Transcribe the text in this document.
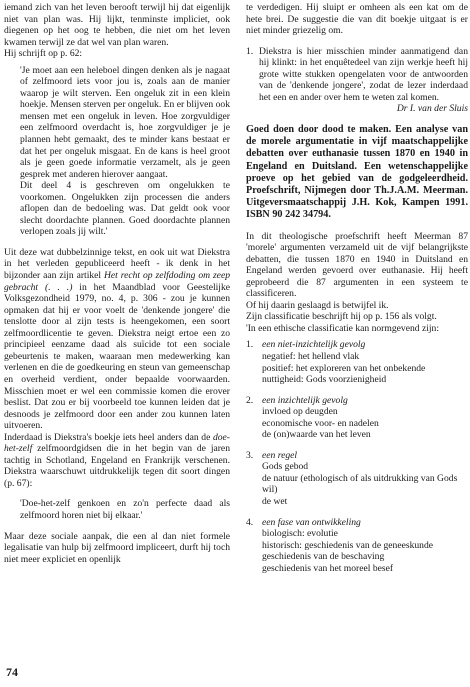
iemand zich van het leven berooft terwijl hij dat eigenlijk niet van plan was. Hij lijkt, tenminste impliciet, ook diegenen op het oog te hebben, die niet om het leven kwamen terwijl ze dat wel van plan waren.

Hij schrijft op p. 62:

'Je moet aan een heleboel dingen denken als je nagaat of zelfmoord iets voor jou is, zoals aan de manier waarop je wilt sterven. Een ongeluk zit in een klein hoekje. Mensen sterven per ongeluk. En er blijven ook mensen met een ongeluk in leven. Hoe zorgvuldiger een zelfmoord overdacht is, hoe zorgvuldiger je je plannen hebt gemaakt, des te minder kans bestaat er dat het per ongeluk misgaat. En de kans is heel groot als je geen goede informatie verzamelt, als je geen gesprek met anderen hierover aangaat.

Dit deel 4 is geschreven om ongelukken te voorkomen. Ongelukken zijn processen die anders aflopen dan de bedoeling was. Dat geldt ook voor slecht doordachte plannen. Goed doordachte plannen verlopen zoals jij wilt.'

Uit deze wat dubbelzinnige tekst, en ook uit wat Diekstra in het verleden gepubliceerd heeft - ik denk in het bijzonder aan zijn artikel Het recht op zelfdoding om zeep gebracht (. . .) in het Maandblad voor Geestelijke Volksgezondheid 1979, no. 4, p. 306 - zou je kunnen opmaken dat hij er voor voelt de 'denkende jongere' die tenslotte door al zijn tests is heengekomen, een soort zelfmoordlicentie te geven. Diekstra neigt ertoe een zo principieel eenzame daad als suïcide tot een sociale gebeurtenis te maken, waaraan men medewerking kan verlenen en die de goedkeuring en steun van gemeenschap en overheid verdient, onder bepaalde voorwaarden. Misschien moet er wel een commissie komen die erover beslist. Dat zou er bij voorbeeld toe kunnen leiden dat je desnoods je zelfmoord door een ander zou kunnen laten uitvoeren.

Inderdaad is Diekstra's boekje iets heel anders dan de doe-het-zelf zelfmoordgidsen die in het begin van de jaren tachtig in Schotland, Engeland en Frankrijk verschenen. Diekstra waarschuwt uitdrukkelijk tegen dit soort dingen (p. 67):

'Doe-het-zelf genkoen en zo'n perfecte daad als zelfmoord horen niet bij elkaar.'

Maar deze sociale aanpak, die een al dan niet formele legalisatie van hulp bij zelfmoord impliceert, durft hij toch niet meer expliciet en openlijk

te verdedigen. Hij sluipt er omheen als een kat om de hete brei. De suggestie die van dit boekje uitgaat is er niet minder griezelig om.

1. Diekstra is hier misschien minder aanmatigend dan hij klinkt: in het enquêtedeel van zijn werkje heeft hij grote witte stukken opengelaten voor de antwoorden van de 'denkende jongere', zodat de lezer inderdaad het een en ander over hem te weten zal komen.

Dr I. van der Sluis

Goed doen door dood te maken. Een analyse van de morele argumentatie in vijf maatschappelijke debatten over euthanasie tussen 1870 en 1940 in Engeland en Duitsland. Een wetenschappelijke proeve op het gebied van de godgeleerdheid. Proefschrift, Nijmegen door Th.J.A.M. Meerman. Uitgeversmaatschappij J.H. Kok, Kampen 1991. ISBN 90 242 34794.

In dit theologische proefschrift heeft Meerman 87 'morele' argumenten verzameld uit de vijf belangrijkste debatten, die tussen 1870 en 1940 in Duitsland en Engeland werden gevoerd over euthanasie. Hij heeft geprobeerd die 87 argumenten in een systeem te classificeren.

Of hij daarin geslaagd is betwijfel ik.

Zijn classificatie beschrijft hij op p. 156 als volgt.

'In een ethische classificatie kan normgevend zijn:

1. een niet-inzichtelijk gevolg
negatief: het hellend vlak
positief: het exploreren van het onbekende
nuttigheid: Gods voorzienigheid
2. een inzichtelijk gevolg
invloed op deugden
economische voor- en nadelen
de (on)waarde van het leven
3. een regel
Gods gebod
de natuur (ethologisch of als uitdrukking van Gods wil)
de wet
4. een fase van ontwikkeling
biologisch: evolutie
historisch: geschiedenis van de geneeskunde
geschiedenis van de beschaving
geschiedenis van het moreel besef
74
